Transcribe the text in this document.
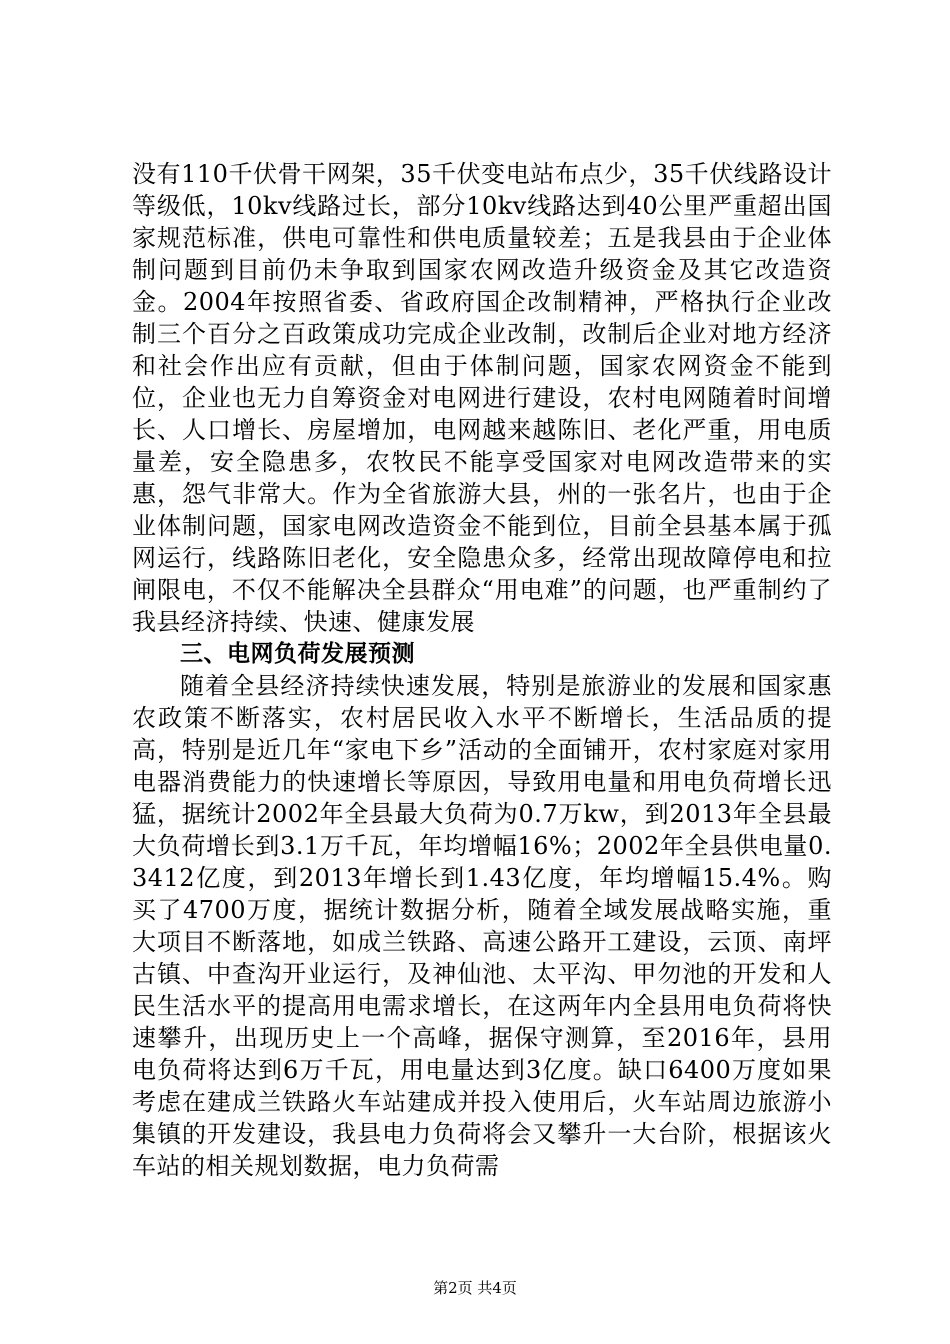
没有110千伏骨干网架，35千伏变电站布点少，35千伏线路设计等级低，10kv线路过长，部分10kv线路达到40公里严重超出国家规范标准，供电可靠性和供电质量较差；五是我县由于企业体制问题到目前仍未争取到国家农网改造升级资金及其它改造资金。2004年按照省委、省政府国企改制精神，严格执行企业改制三个百分之百政策成功完成企业改制，改制后企业对地方经济和社会作出应有贡献，但由于体制问题，国家农网资金不能到位，企业也无力自筹资金对电网进行建设，农村电网随着时间增长、人口增长、房屋增加，电网越来越陈旧、老化严重，用电质量差，安全隐患多，农牧民不能享受国家对电网改造带来的实惠，怨气非常大。作为全省旅游大县，州的一张名片，也由于企业体制问题，国家电网改造资金不能到位，目前全县基本属于孤网运行，线路陈旧老化，安全隐患众多，经常出现故障停电和拉闸限电，不仅不能解决全县群众“用电难”的问题，也严重制约了我县经济持续、快速、健康发展

三、电网负荷发展预测

随着全县经济持续快速发展，特别是旅游业的发展和国家惠农政策不断落实，农村居民收入水平不断增长，生活品质的提高，特别是近几年“家电下乡”活动的全面铺开，农村家庭对家用电器消费能力的快速增长等原因，导致用电量和用电负荷增长迅猛，据统计2002年全县最大负荷为0.7万kw，到2013年全县最大负荷增长到3.1万千瓦，年均增幅16%；2002年全县供电量0.3412亿度，到2013年增长到1.43亿度，年均增幅15.4%。购买了4700万度，据统计数据分析，随着全域发展战略实施，重大项目不断落地，如成兰铁路、高速公路开工建设，云顶、南坪古镇、中查沟开业运行，及神仙池、太平沟、甲勿池的开发和人民生活水平的提高用电需求增长，在这两年内全县用电负荷将快速攀升，出现历史上一个高峰，据保守测算，至2016年，县用电负荷将达到6万千瓦，用电量达到3亿度。缺口6400万度如果考虑在建成兰铁路火车站建成并投入使用后，火车站周边旅游小集镇的开发建设，我县电力负荷将会又攀升一大台阶，根据该火车站的相关规划数据，电力负荷需

第2页 共4页
